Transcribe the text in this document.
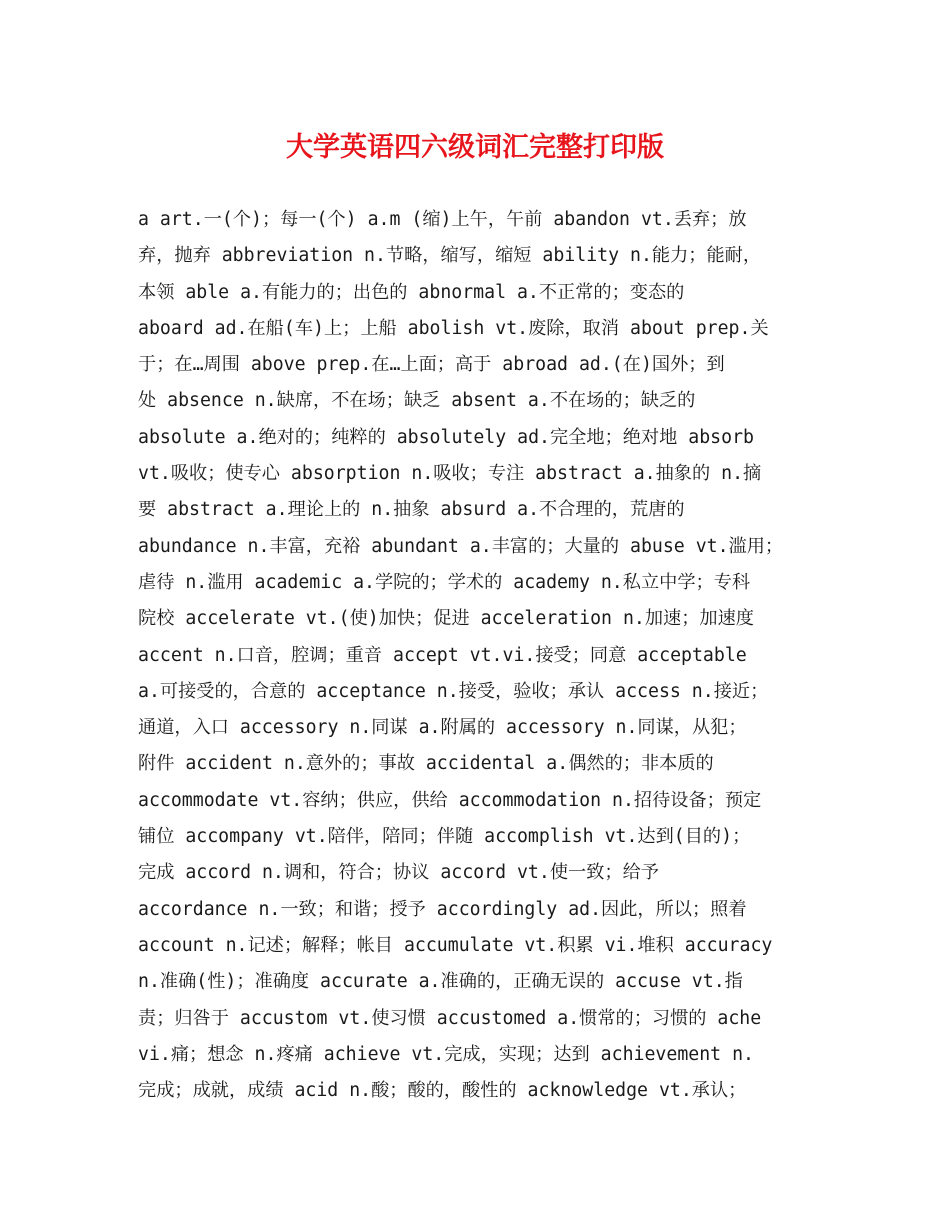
大学英语四六级词汇完整打印版
a art.一(个)；每一(个) a.m (缩)上午，午前 abandon vt.丢弃；放
弃，抛弃 abbreviation n.节略，缩写，缩短 ability n.能力；能耐，
本领 able a.有能力的；出色的 abnormal a.不正常的；变态的
aboard ad.在船(车)上；上船 abolish vt.废除，取消 about prep.关
于；在…周围 above prep.在…上面；高于 abroad ad.(在)国外；到
处 absence n.缺席，不在场；缺乏 absent a.不在场的；缺乏的
absolute a.绝对的；纯粹的 absolutely ad.完全地；绝对地 absorb
vt.吸收；使专心 absorption n.吸收；专注 abstract a.抽象的 n.摘
要 abstract a.理论上的 n.抽象 absurd a.不合理的，荒唐的
abundance n.丰富，充裕 abundant a.丰富的；大量的 abuse vt.滥用；
虐待 n.滥用 academic a.学院的；学术的 academy n.私立中学；专科
院校 accelerate vt.(使)加快；促进 acceleration n.加速；加速度
accent n.口音，腔调；重音 accept vt.vi.接受；同意 acceptable
a.可接受的，合意的 acceptance n.接受，验收；承认 access n.接近；
通道，入口 accessory n.同谋 a.附属的 accessory n.同谋，从犯；
附件 accident n.意外的；事故 accidental a.偶然的；非本质的
accommodate vt.容纳；供应，供给 accommodation n.招待设备；预定
铺位 accompany vt.陪伴，陪同；伴随 accomplish vt.达到(目的)；
完成 accord n.调和，符合；协议 accord vt.使一致；给予
accordance n.一致；和谐；授予 accordingly ad.因此，所以；照着
account n.记述；解释；帐目 accumulate vt.积累 vi.堆积 accuracy
n.准确(性)；准确度 accurate a.准确的，正确无误的 accuse vt.指
责；归咎于 accustom vt.使习惯 accustomed a.惯常的；习惯的 ache
vi.痛；想念 n.疼痛 achieve vt.完成，实现；达到 achievement n.
完成；成就，成绩 acid n.酸；酸的，酸性的 acknowledge vt.承认；
